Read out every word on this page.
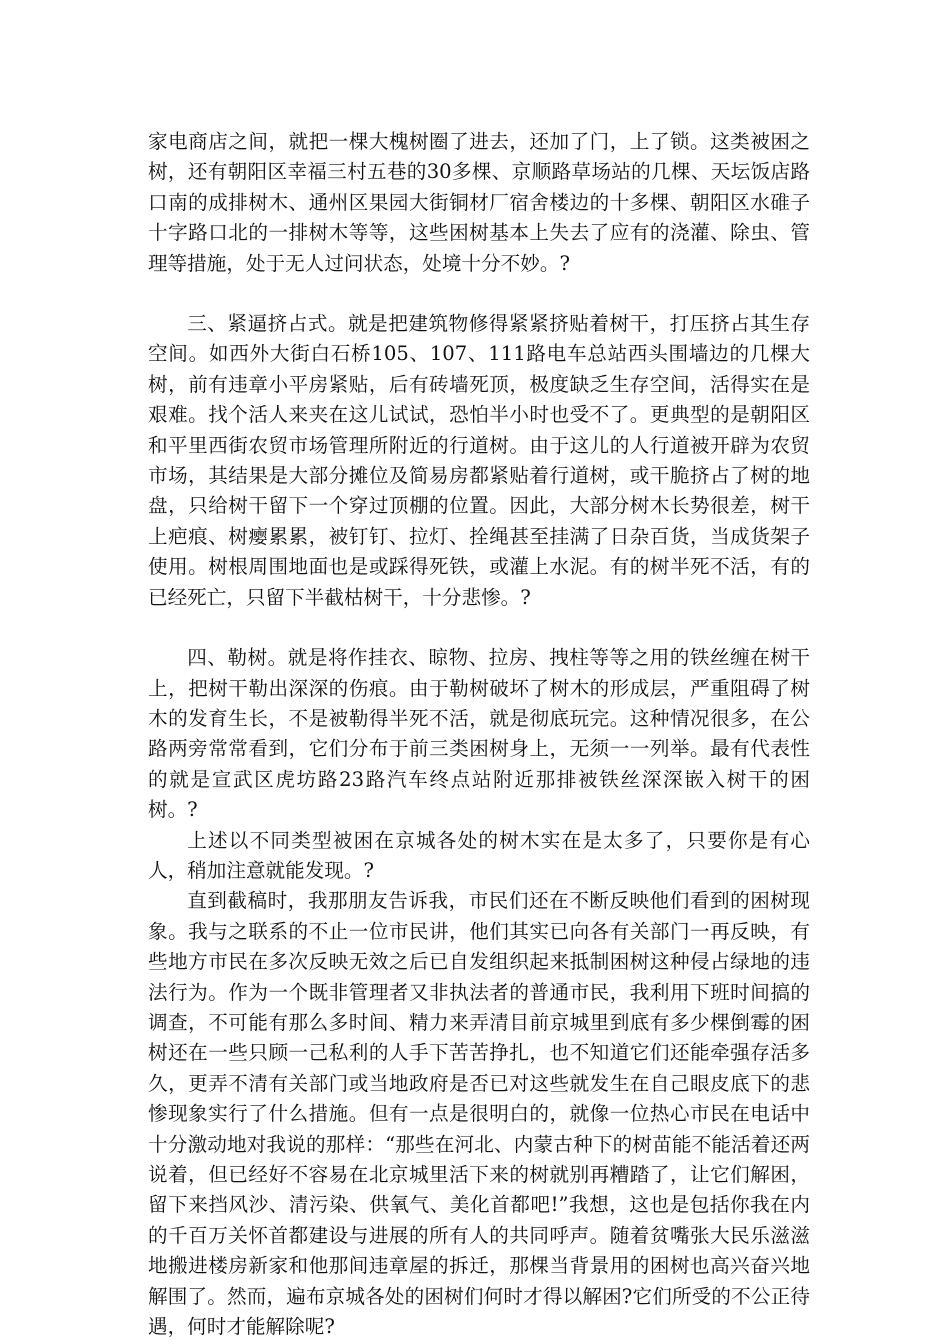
家电商店之间，就把一棵大槐树圈了进去，还加了门，上了锁。这类被困之树，还有朝阳区幸福三村五巷的30多棵、京顺路草场站的几棵、天坛饭店路口南的成排树木、通州区果园大街铜材厂宿舍楼边的十多棵、朝阳区水碓子十字路口北的一排树木等等，这些困树基本上失去了应有的浇灌、除虫、管理等措施，处于无人过问状态，处境十分不妙。?

三、紧逼挤占式。就是把建筑物修得紧紧挤贴着树干，打压挤占其生存空间。如西外大街白石桥105、107、111路电车总站西头围墙边的几棵大树，前有违章小平房紧贴，后有砖墙死顶，极度缺乏生存空间，活得实在是艰难。找个活人来夹在这儿试试，恐怕半小时也受不了。更典型的是朝阳区和平里西街农贸市场管理所附近的行道树。由于这儿的人行道被开辟为农贸市场，其结果是大部分摊位及简易房都紧贴着行道树，或干脆挤占了树的地盘，只给树干留下一个穿过顶棚的位置。因此，大部分树木长势很差，树干上疤痕、树瘿累累，被钉钉、拉灯、拴绳甚至挂满了日杂百货，当成货架子使用。树根周围地面也是或踩得死铁，或灌上水泥。有的树半死不活，有的已经死亡，只留下半截枯树干，十分悲惨。?

四、勒树。就是将作挂衣、晾物、拉房、拽柱等等之用的铁丝缠在树干上，把树干勒出深深的伤痕。由于勒树破坏了树木的形成层，严重阻碍了树木的发育生长，不是被勒得半死不活，就是彻底玩完。这种情况很多，在公路两旁常常看到，它们分布于前三类困树身上，无须一一列举。最有代表性的就是宣武区虎坊路23路汽车终点站附近那排被铁丝深深嵌入树干的困树。?

上述以不同类型被困在京城各处的树木实在是太多了，只要你是有心人，稍加注意就能发现。?

直到截稿时，我那朋友告诉我，市民们还在不断反映他们看到的困树现象。我与之联系的不止一位市民讲，他们其实已向各有关部门一再反映，有些地方市民在多次反映无效之后已自发组织起来抵制困树这种侵占绿地的违法行为。作为一个既非管理者又非执法者的普通市民，我利用下班时间搞的调查，不可能有那么多时间、精力来弄清目前京城里到底有多少棵倒霉的困树还在一些只顾一己私利的人手下苦苦挣扎，也不知道它们还能牵强存活多久，更弄不清有关部门或当地政府是否已对这些就发生在自己眼皮底下的悲惨现象实行了什么措施。但有一点是很明白的，就像一位热心市民在电话中十分激动地对我说的那样：“那些在河北、内蒙古种下的树苗能不能活着还两说着，但已经好不容易在北京城里活下来的树就别再糟踏了，让它们解困，留下来挡风沙、清污染、供氧气、美化首都吧!”我想，这也是包括你我在内的千百万关怀首都建设与进展的所有人的共同呼声。随着贫嘴张大民乐滋滋地搬进楼房新家和他那间违章屋的拆迁，那棵当背景用的困树也高兴奋兴地解围了。然而，遍布京城各处的困树们何时才得以解困?它们所受的不公正待遇，何时才能解除呢?
